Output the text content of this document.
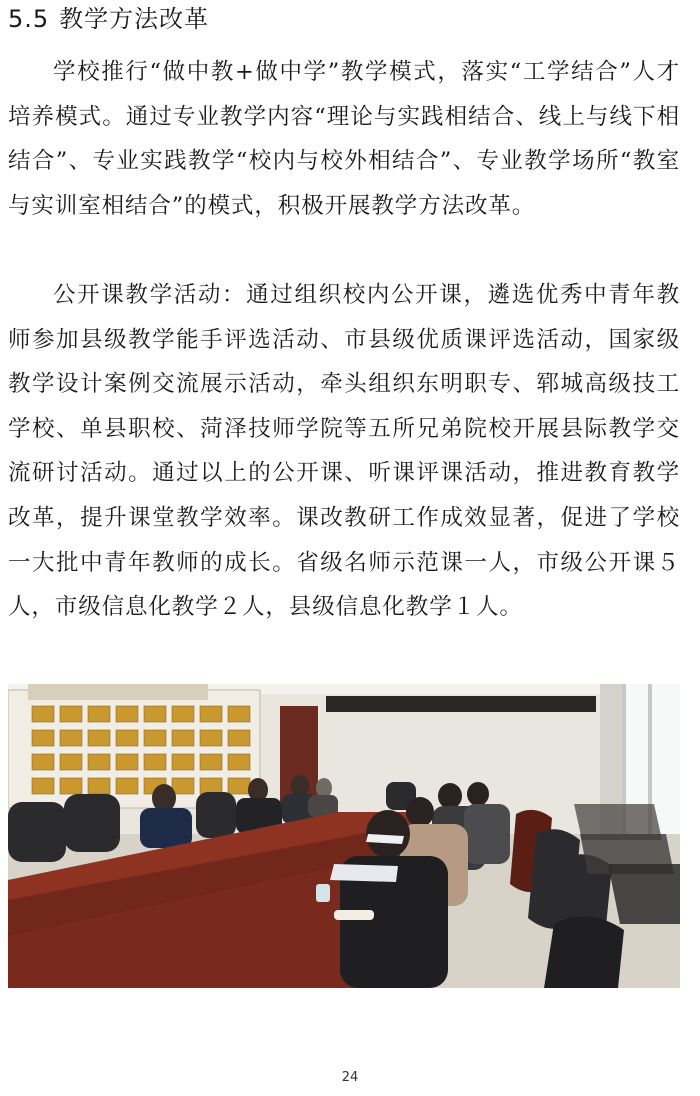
5.5 教学方法改革

学校推行“做中教+做中学”教学模式，落实“工学结合”人才培养模式。通过专业教学内容“理论与实践相结合、线上与线下相结合”、专业实践教学“校内与校外相结合”、专业教学场所“教室与实训室相结合”的模式，积极开展教学方法改革。

公开课教学活动：通过组织校内公开课，遴选优秀中青年教师参加县级教学能手评选活动、市县级优质课评选活动，国家级教学设计案例交流展示活动，牵头组织东明职专、郓城高级技工学校、单县职校、菏泽技师学院等五所兄弟院校开展县际教学交流研讨活动。通过以上的公开课、听课评课活动，推进教育教学改革，提升课堂教学效率。课改教研工作成效显著，促进了学校一大批中青年教师的成长。省级名师示范课一人，市级公开课５人，市级信息化教学２人，县级信息化教学１人。

24
